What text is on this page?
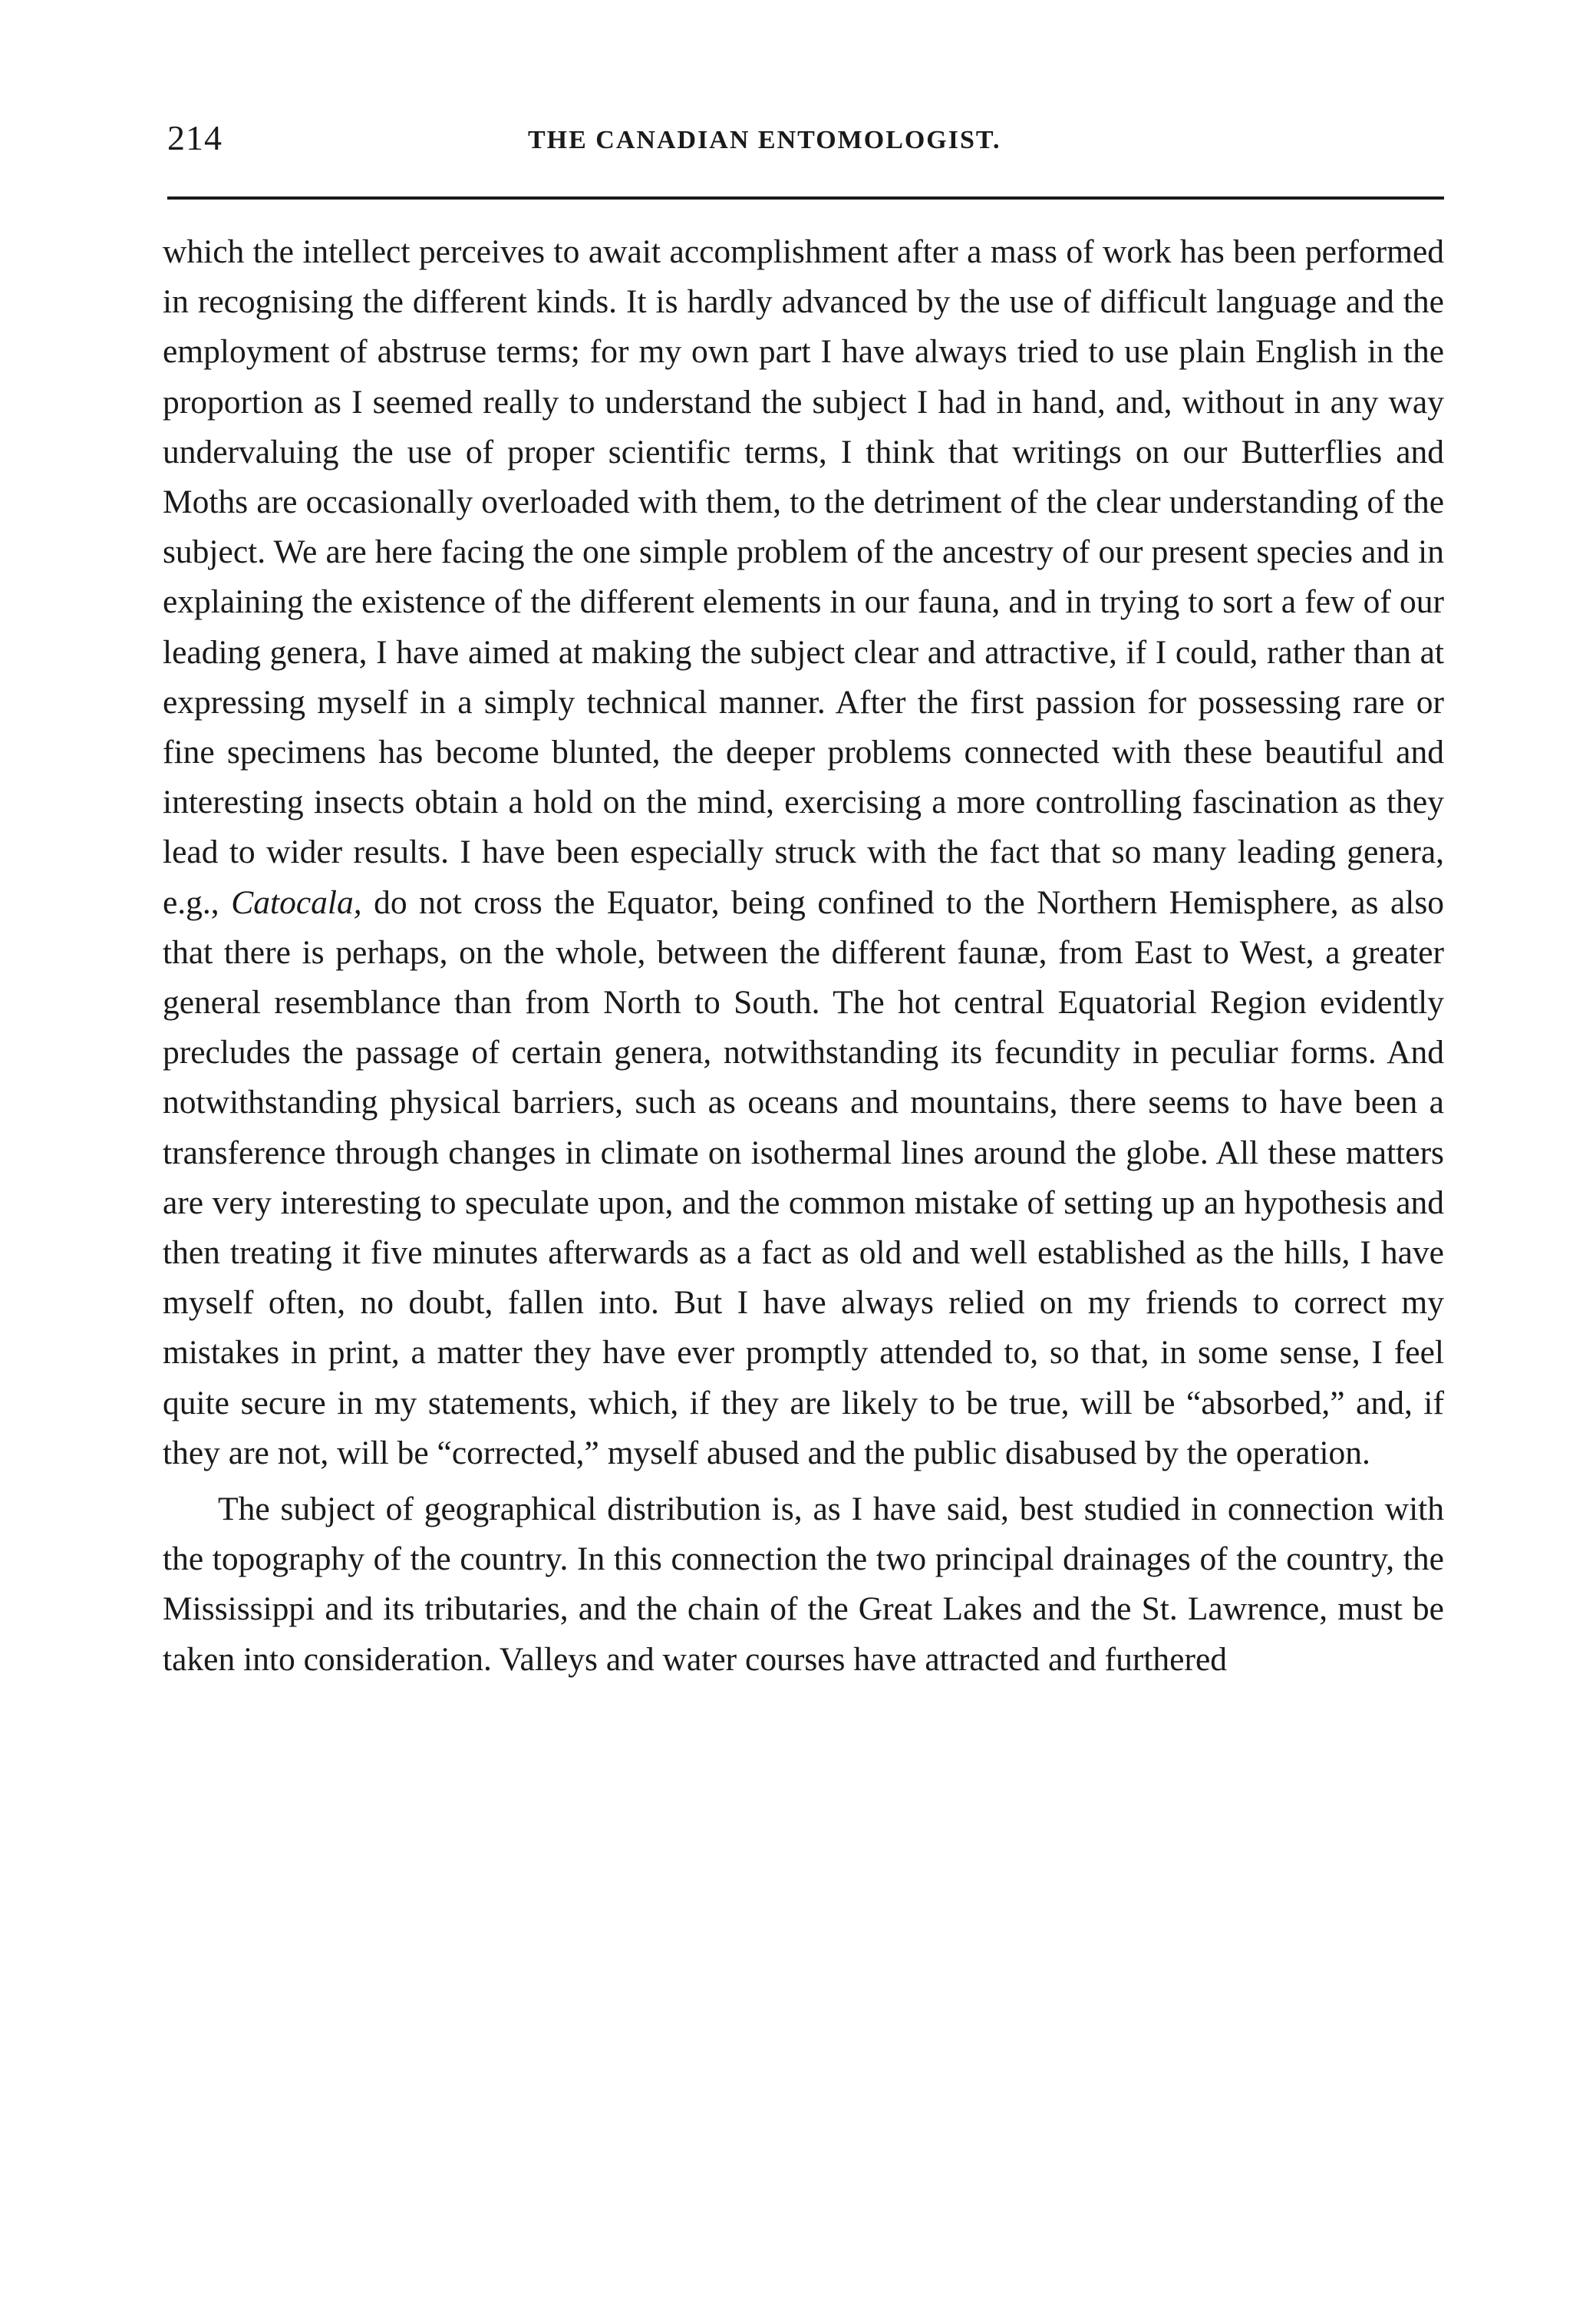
214	THE CANADIAN ENTOMOLOGIST.

which the intellect perceives to await accomplishment after a mass of work has been performed in recognising the different kinds. It is hardly advanced by the use of difficult language and the employment of abstruse terms; for my own part I have always tried to use plain English in the proportion as I seemed really to understand the subject I had in hand, and, without in any way undervaluing the use of proper scientific terms, I think that writings on our Butterflies and Moths are occasionally overloaded with them, to the detriment of the clear understanding of the subject. We are here facing the one simple problem of the ancestry of our present species and in explaining the existence of the different elements in our fauna, and in trying to sort a few of our leading genera, I have aimed at making the subject clear and attractive, if I could, rather than at expressing myself in a simply technical manner. After the first passion for possessing rare or fine specimens has become blunted, the deeper problems connected with these beautiful and interesting insects obtain a hold on the mind, exercising a more controlling fascination as they lead to wider results. I have been especially struck with the fact that so many leading genera, e.g., Catocala, do not cross the Equator, being confined to the Northern Hemisphere, as also that there is perhaps, on the whole, between the different faunæ, from East to West, a greater general resemblance than from North to South. The hot central Equatorial Region evidently precludes the passage of certain genera, notwithstanding its fecundity in peculiar forms. And notwithstanding physical barriers, such as oceans and mountains, there seems to have been a transference through changes in climate on isothermal lines around the globe. All these matters are very interesting to speculate upon, and the common mistake of setting up an hypothesis and then treating it five minutes afterwards as a fact as old and well established as the hills, I have myself often, no doubt, fallen into. But I have always relied on my friends to correct my mistakes in print, a matter they have ever promptly attended to, so that, in some sense, I feel quite secure in my statements, which, if they are likely to be true, will be “absorbed,” and, if they are not, will be “corrected,” myself abused and the public disabused by the operation.

The subject of geographical distribution is, as I have said, best studied in connection with the topography of the country. In this connection the two principal drainages of the country, the Mississippi and its tributaries, and the chain of the Great Lakes and the St. Lawrence, must be taken into consideration. Valleys and water courses have attracted and furthered
